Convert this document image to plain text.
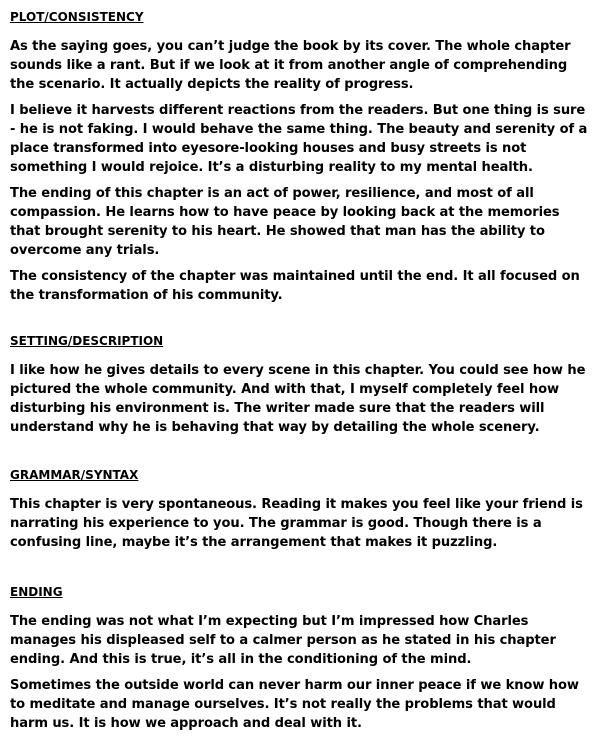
PLOT/CONSISTENCY
As the saying goes, you can’t judge the book by its cover. The whole chapter sounds like a rant. But if we look at it from another angle of comprehending the scenario. It actually depicts the reality of progress.
I believe it harvests different reactions from the readers. But one thing is sure - he is not faking. I would behave the same thing. The beauty and serenity of a place transformed into eyesore-looking houses and busy streets is not something I would rejoice. It’s a disturbing reality to my mental health.
The ending of this chapter is an act of power, resilience, and most of all compassion. He learns how to have peace by looking back at the memories that brought serenity to his heart. He showed that man has the ability to overcome any trials.
The consistency of the chapter was maintained until the end. It all focused on the transformation of his community.
SETTING/DESCRIPTION
I like how he gives details to every scene in this chapter. You could see how he pictured the whole community. And with that, I myself completely feel how disturbing his environment is. The writer made sure that the readers will understand why he is behaving that way by detailing the whole scenery.
GRAMMAR/SYNTAX
This chapter is very spontaneous. Reading it makes you feel like your friend is narrating his experience to you. The grammar is good. Though there is a confusing line, maybe it’s the arrangement that makes it puzzling.
ENDING
The ending was not what I’m expecting but I’m impressed how Charles manages his displeased self to a calmer person as he stated in his chapter ending. And this is true, it’s all in the conditioning of the mind.
Sometimes the outside world can never harm our inner peace if we know how to meditate and manage ourselves. It’s not really the problems that would harm us. It is how we approach and deal with it.
